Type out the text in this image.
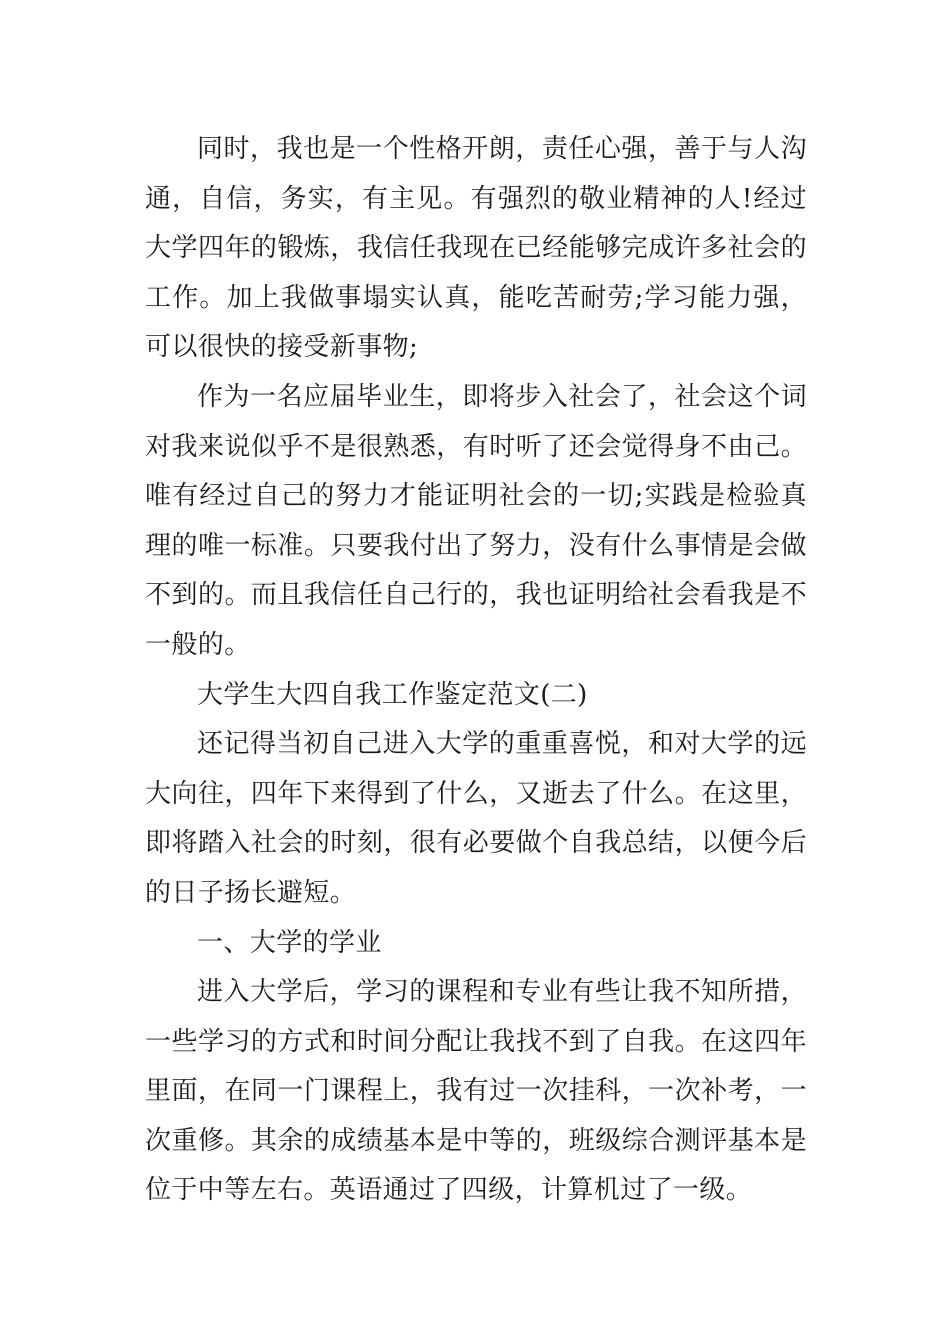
同时，我也是一个性格开朗，责任心强，善于与人沟通，自信，务实，有主见。有强烈的敬业精神的人!经过大学四年的锻炼，我信任我现在已经能够完成许多社会的工作。加上我做事塌实认真，能吃苦耐劳;学习能力强，可以很快的接受新事物;

作为一名应届毕业生，即将步入社会了，社会这个词对我来说似乎不是很熟悉，有时听了还会觉得身不由己。唯有经过自己的努力才能证明社会的一切;实践是检验真理的唯一标准。只要我付出了努力，没有什么事情是会做不到的。而且我信任自己行的，我也证明给社会看我是不一般的。

大学生大四自我工作鉴定范文(二)

还记得当初自己进入大学的重重喜悦，和对大学的远大向往，四年下来得到了什么，又逝去了什么。在这里，即将踏入社会的时刻，很有必要做个自我总结，以便今后的日子扬长避短。

一、大学的学业

进入大学后，学习的课程和专业有些让我不知所措，一些学习的方式和时间分配让我找不到了自我。在这四年里面，在同一门课程上，我有过一次挂科，一次补考，一次重修。其余的成绩基本是中等的，班级综合测评基本是位于中等左右。英语通过了四级，计算机过了一级。
